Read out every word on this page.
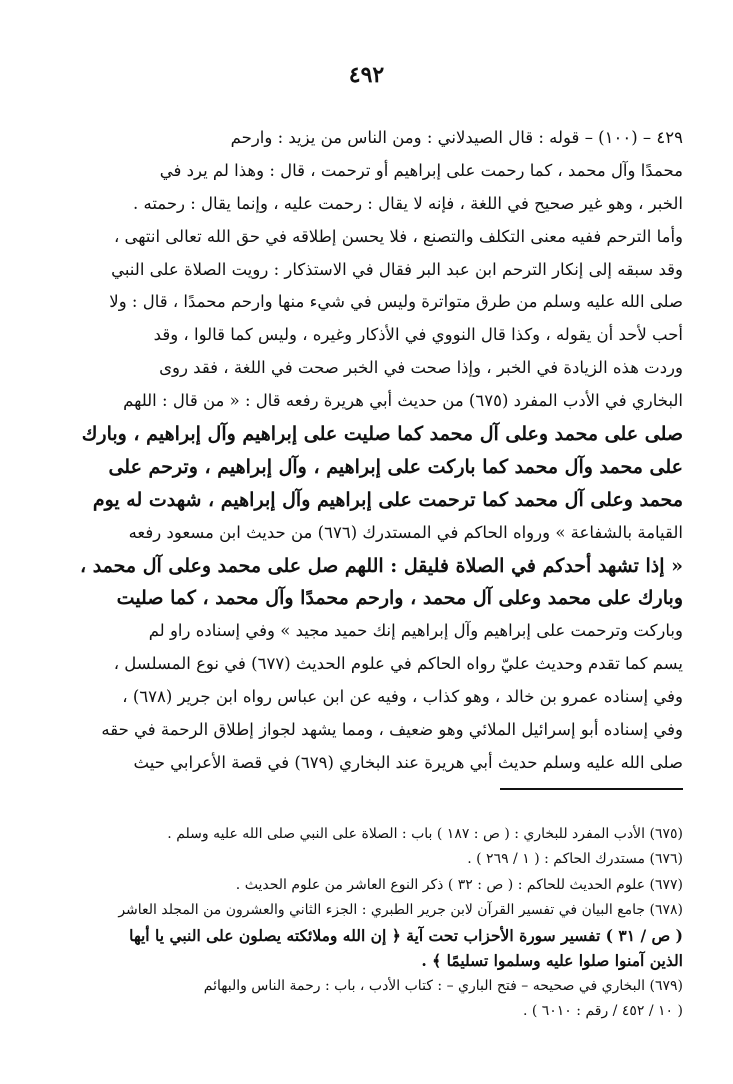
٤٩٢
٤٢٩ – (١٠٠) – قوله : قال الصيدلاني : ومن الناس من يزيد : وارحم
محمدًا وآل محمد ، كما رحمت على إبراهيم أو ترحمت ، قال : وهذا لم يرد في
الخبر ، وهو غير صحيح في اللغة ، فإنه لا يقال : رحمت عليه ، وإنما يقال : رحمته .
وأما الترحم ففيه معنى التكلف والتصنع ، فلا يحسن إطلاقه في حق الله تعالى انتهى ،
وقد سبقه إلى إنكار الترحم ابن عبد البر فقال في الاستذكار : رويت الصلاة على النبي
صلى الله عليه وسلم من طرق متواترة وليس في شيء منها وارحم محمدًا ، قال : ولا
أحب لأحد أن يقوله ، وكذا قال النووي في الأذكار وغيره ، وليس كما قالوا ، وقد
وردت هذه الزيادة في الخبر ، وإذا صحت في الخبر صحت في اللغة ، فقد روى
البخاري في الأدب المفرد (٦٧٥) من حديث أبي هريرة رفعه قال : « من قال : اللهم
صلى على محمد وعلى آل محمد كما صليت على إبراهيم وآل إبراهيم ، وبارك
على محمد وآل محمد كما باركت على إبراهيم ، وآل إبراهيم ، وترحم على
محمد وعلى آل محمد كما ترحمت على إبراهيم وآل إبراهيم ، شهدت له يوم
القيامة بالشفاعة » ورواه الحاكم في المستدرك (٦٧٦) من حديث ابن مسعود رفعه
« إذا تشهد أحدكم في الصلاة فليقل : اللهم صل على محمد وعلى آل محمد ،
وبارك على محمد وعلى آل محمد ، وارحم محمدًا وآل محمد ، كما صليت
وباركت وترحمت على إبراهيم وآل إبراهيم إنك حميد مجيد » وفي إسناده راو لم
يسم كما تقدم وحديث عليّ رواه الحاكم في علوم الحديث (٦٧٧) في نوع المسلسل ،
وفي إسناده عمرو بن خالد ، وهو كذاب ، وفيه عن ابن عباس رواه ابن جرير (٦٧٨) ،
وفي إسناده أبو إسرائيل الملائي وهو ضعيف ، ومما يشهد لجواز إطلاق الرحمة في حقه
صلى الله عليه وسلم حديث أبي هريرة عند البخاري (٦٧٩) في قصة الأعرابي حيث
(٦٧٥) الأدب المفرد للبخاري : ( ص : ١٨٧ ) باب : الصلاة على النبي صلى الله عليه وسلم .
(٦٧٦) مستدرك الحاكم : ( ١ / ٢٦٩ ) .
(٦٧٧) علوم الحديث للحاكم : ( ص : ٣٢ ) ذكر النوع العاشر من علوم الحديث .
(٦٧٨) جامع البيان في تفسير القرآن لابن جرير الطبري : الجزء الثاني والعشرون من المجلد العاشر
( ص / ٣١ ) تفسير سورة الأحزاب تحت آية ﴿ إن الله وملائكته يصلون على النبي يا أيها
الذين آمنوا صلوا عليه وسلموا تسليمًا ﴾ .
(٦٧٩) البخاري في صحيحه – فتح الباري – : كتاب الأدب ، باب : رحمة الناس والبهائم
( ١٠ / ٤٥٢ / رقم : ٦٠١٠ ) .
